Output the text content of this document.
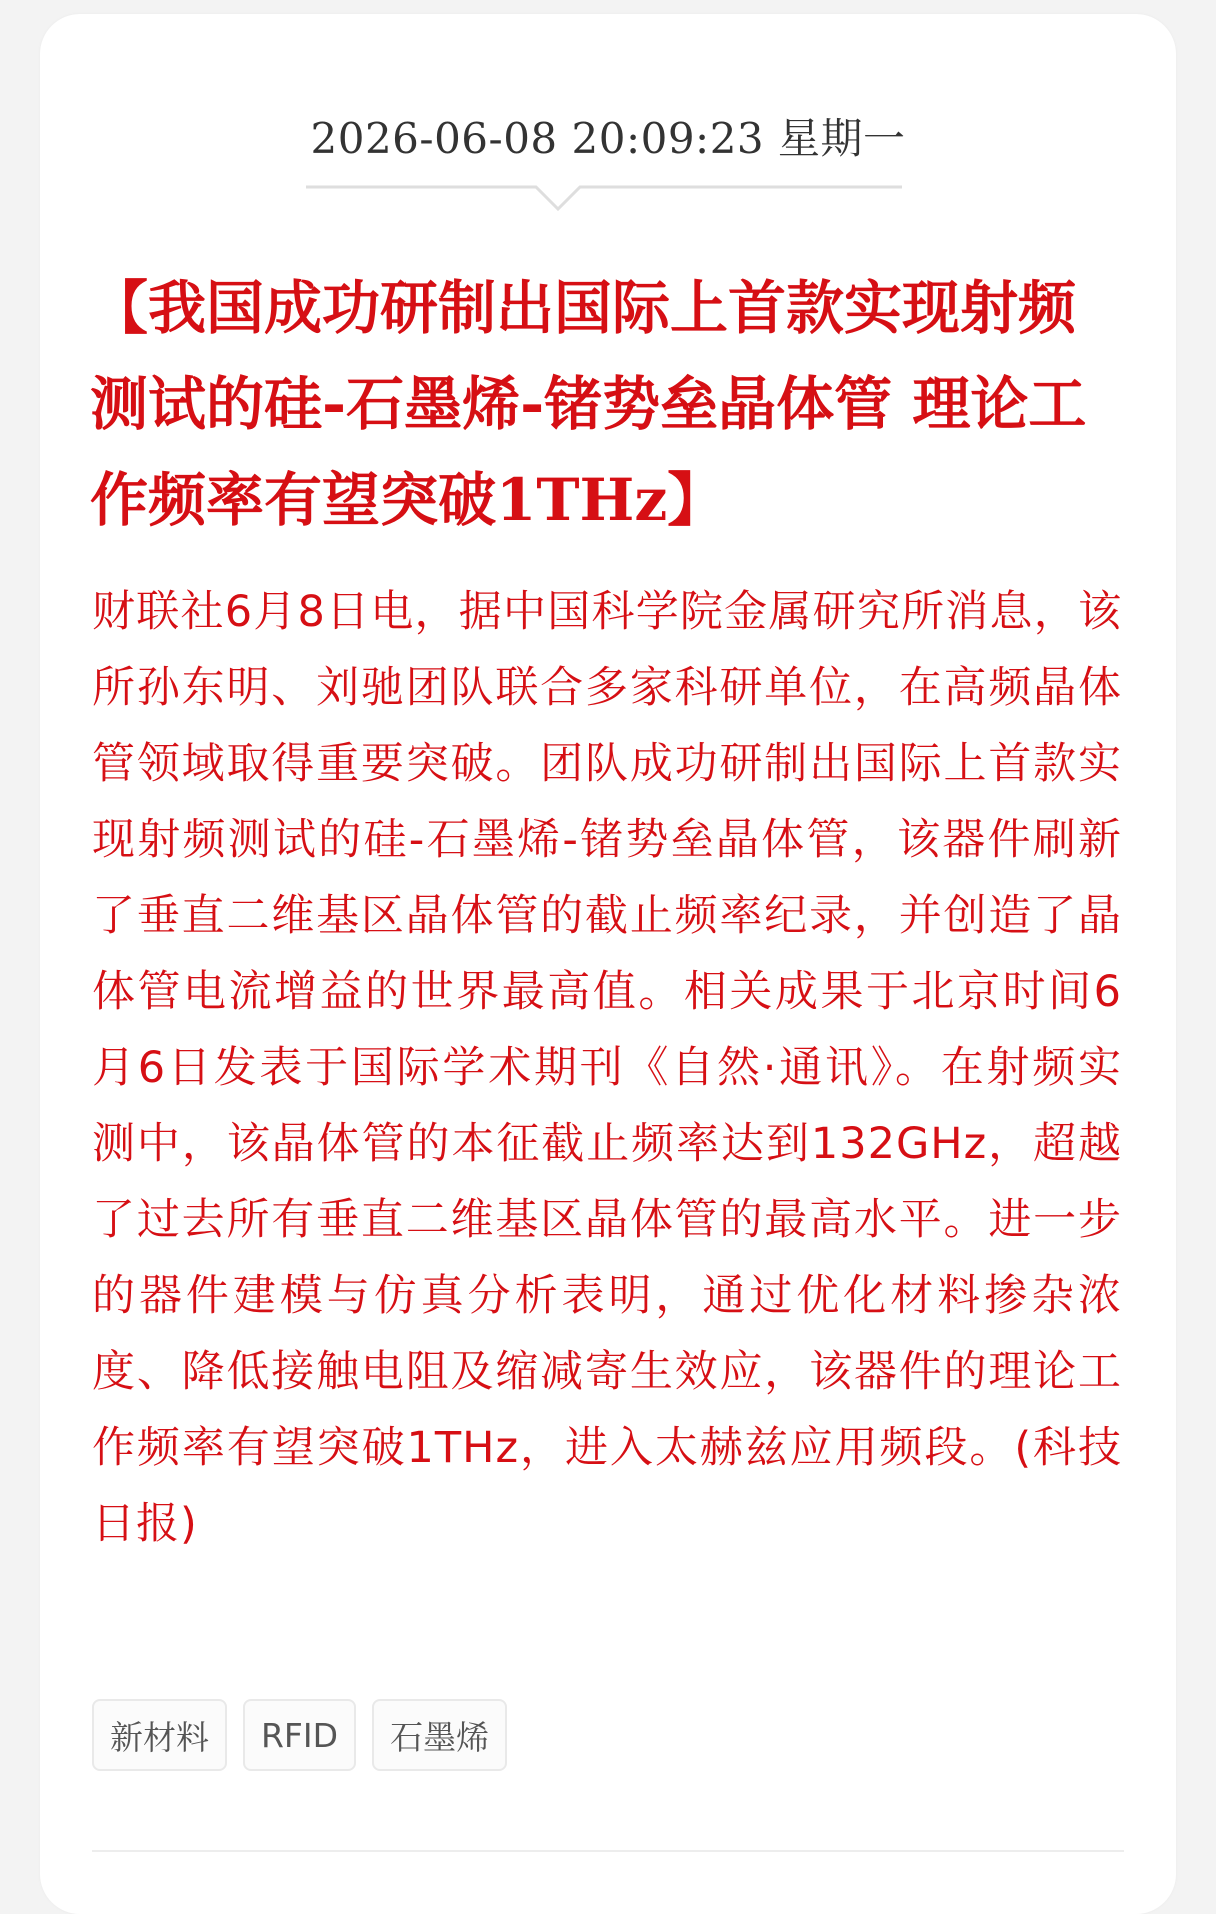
2026-06-08 20:09:23 星期一
【我国成功研制出国际上首款实现射频测试的硅-石墨烯-锗势垒晶体管 理论工作频率有望突破1THz】

财联社6月8日电，据中国科学院金属研究所消息，该所孙东明、刘驰团队联合多家科研单位，在高频晶体管领域取得重要突破。团队成功研制出国际上首款实现射频测试的硅-石墨烯-锗势垒晶体管，该器件刷新了垂直二维基区晶体管的截止频率纪录，并创造了晶体管电流增益的世界最高值。相关成果于北京时间6月6日发表于国际学术期刊《自然·通讯》。在射频实测中，该晶体管的本征截止频率达到132GHz，超越了过去所有垂直二维基区晶体管的最高水平。进一步的器件建模与仿真分析表明，通过优化材料掺杂浓度、降低接触电阻及缩减寄生效应，该器件的理论工作频率有望突破1THz，进入太赫兹应用频段。(科技日报)

新材料	RFID	石墨烯
